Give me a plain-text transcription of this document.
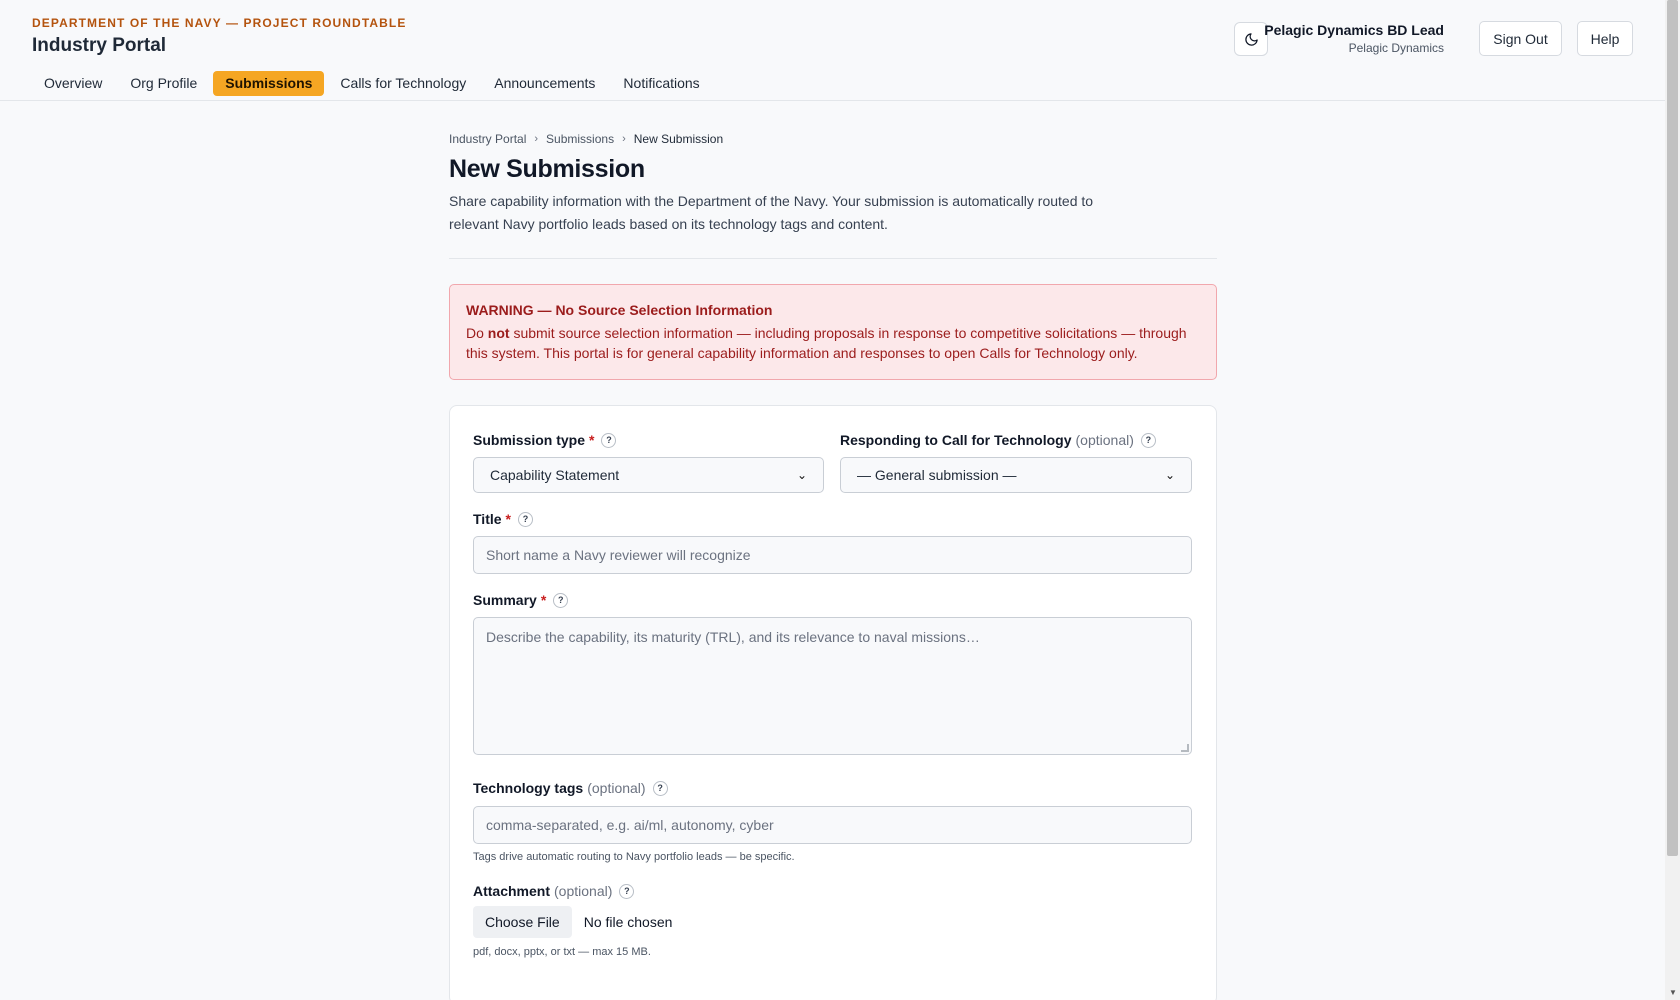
DEPARTMENT OF THE NAVY — PROJECT ROUNDTABLE
Industry Portal
Overview	Org Profile	Submissions	Calls for Technology	Announcements	Notifications
Pelagic Dynamics BD Lead
Pelagic Dynamics
Sign Out	Help
▼
Industry Portal › Submissions › New Submission
New Submission

Share capability information with the Department of the Navy. Your submission is automatically routed to relevant Navy portfolio leads based on its technology tags and content.

WARNING — No Source Selection Information
Do not submit source selection information — including proposals in response to competitive solicitations — through this system. This portal is for general capability information and responses to open Calls for Technology only.
Submission type *	?
Capability Statement	⌄
Responding to Call for Technology (optional)	?
— General submission —	⌄
Title *	?
Short name a Navy reviewer will recognize
Summary *	?
Describe the capability, its maturity (TRL), and its relevance to naval missions…
Technology tags (optional)	?
comma-separated, e.g. ai/ml, autonomy, cyber
Tags drive automatic routing to Navy portfolio leads — be specific.
Attachment (optional)	?
Choose File	No file chosen
pdf, docx, pptx, or txt — max 15 MB.
